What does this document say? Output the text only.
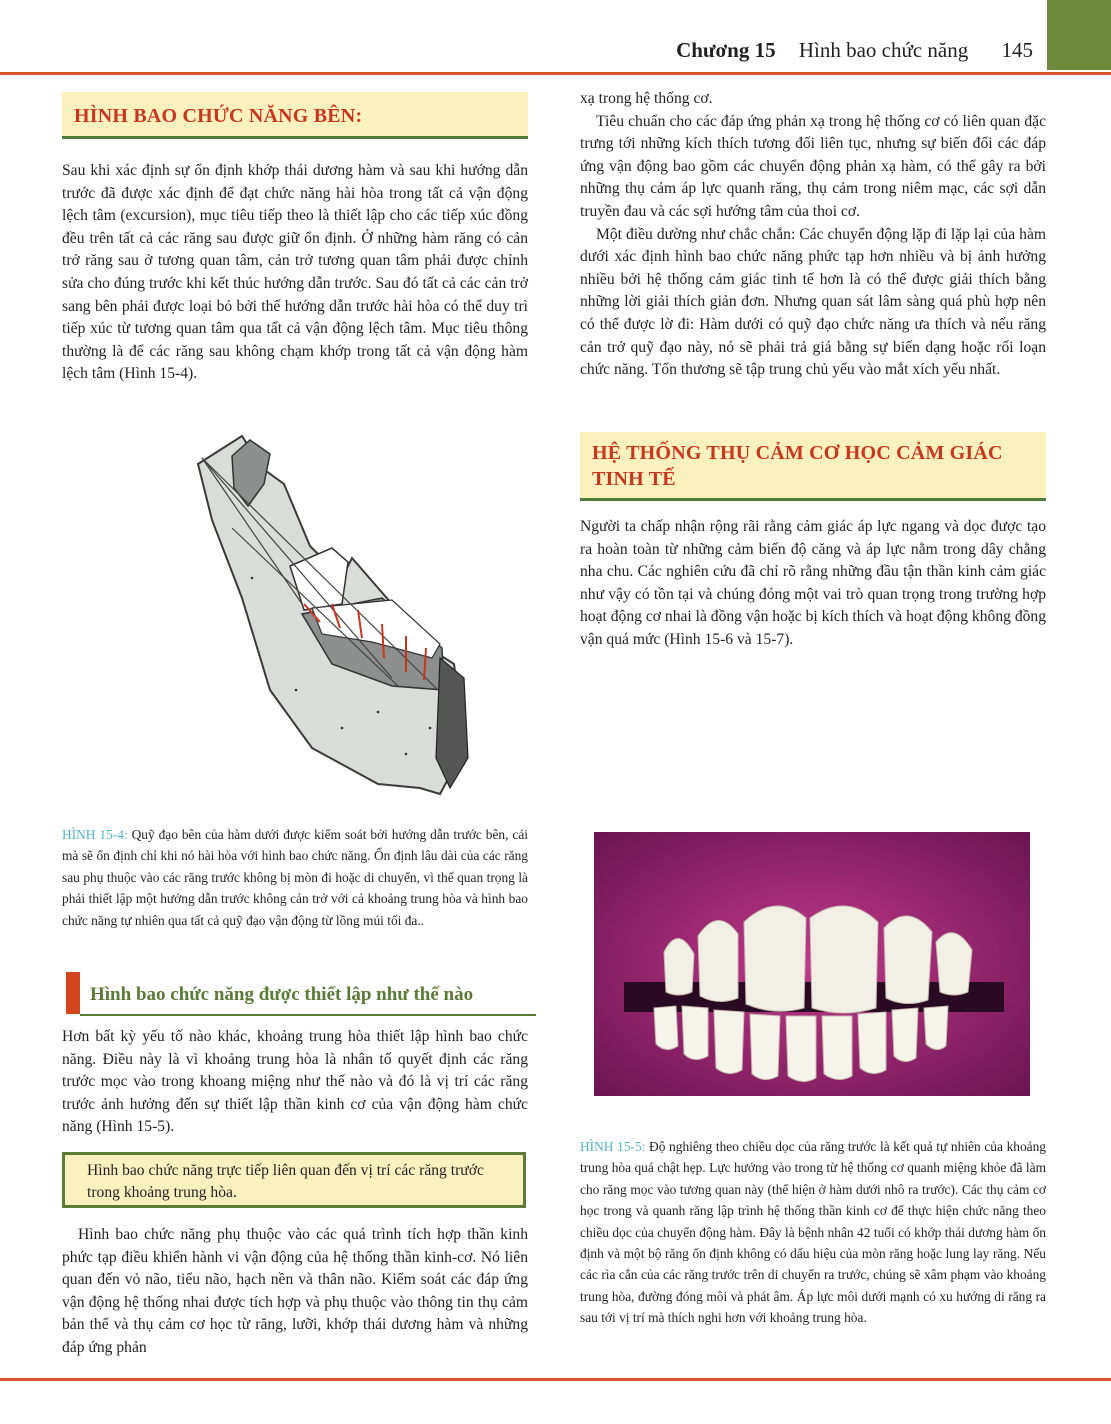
Chương 15 Hình bao chức năng 145
HÌNH BAO CHỨC NĂNG BÊN:

Sau khi xác định sự ổn định khớp thái dương hàm và sau khi hướng dẫn trước đã được xác định để đạt chức năng hài hòa trong tất cả vận động lệch tâm (excursion), mục tiêu tiếp theo là thiết lập cho các tiếp xúc đồng đều trên tất cả các răng sau được giữ ổn định. Ở những hàm răng có cản trở răng sau ở tương quan tâm, cản trở tương quan tâm phải được chỉnh sửa cho đúng trước khi kết thúc hướng dẫn trước. Sau đó tất cả các cản trở sang bên phải được loại bỏ bởi thế hướng dẫn trước hài hòa có thể duy trì tiếp xúc từ tương quan tâm qua tất cả vận động lệch tâm. Mục tiêu thông thường là để các răng sau không chạm khớp trong tất cả vận động hàm lệch tâm (Hình 15-4).

HÌNH 15-4: Quỹ đạo bên của hàm dưới được kiểm soát bởi hướng dẫn trước bên, cái mà sẽ ổn định chỉ khi nó hài hòa với hình bao chức năng. Ổn định lâu dài của các răng sau phụ thuộc vào các răng trước không bị mòn đi hoặc di chuyển, vì thế quan trọng là phải thiết lập một hướng dẫn trước không cản trở với cả khoảng trung hòa và hình bao chức năng tự nhiên qua tất cả quỹ đạo vận động từ lồng múi tối đa..
Hình bao chức năng được thiết lập như thế nào

Hơn bất kỳ yếu tố nào khác, khoảng trung hòa thiết lập hình bao chức năng. Điều này là vì khoảng trung hòa là nhân tố quyết định các răng trước mọc vào trong khoang miệng như thế nào và đó là vị trí các răng trước ảnh hưởng đến sự thiết lập thần kinh cơ của vận động hàm chức năng (Hình 15-5).

Hình bao chức năng trực tiếp liên quan đến vị trí các răng trước trong khoảng trung hòa.

Hình bao chức năng phụ thuộc vào các quá trình tích hợp thần kinh phức tạp điều khiển hành vi vận động của hệ thống thần kinh-cơ. Nó liên quan đến vỏ não, tiểu não, hạch nền và thân não. Kiểm soát các đáp ứng vận động hệ thống nhai được tích hợp và phụ thuộc vào thông tin thụ cảm bản thể và thụ cảm cơ học từ răng, lưỡi, khớp thái dương hàm và những đáp ứng phản

xạ trong hệ thống cơ.

Tiêu chuẩn cho các đáp ứng phản xạ trong hệ thống cơ có liên quan đặc trưng tới những kích thích tương đối liên tục, nhưng sự biến đổi các đáp ứng vận động bao gồm các chuyển động phản xạ hàm, có thể gây ra bởi những thụ cảm áp lực quanh răng, thụ cảm trong niêm mạc, các sợi dẫn truyền đau và các sợi hướng tâm của thoi cơ.

Một điều dường như chắc chắn: Các chuyển động lặp đi lặp lại của hàm dưới xác định hình bao chức năng phức tạp hơn nhiều và bị ảnh hưởng nhiều bởi hệ thống cảm giác tinh tế hơn là có thể được giải thích bằng những lời giải thích giản đơn. Nhưng quan sát lâm sàng quá phù hợp nên có thể được lờ đi: Hàm dưới có quỹ đạo chức năng ưa thích và nếu răng cản trở quỹ đạo này, nó sẽ phải trả giá bằng sự biến dạng hoặc rối loạn chức năng. Tổn thương sẽ tập trung chủ yếu vào mắt xích yếu nhất.

HỆ THỐNG THỤ CẢM CƠ HỌC CẢM GIÁC
TINH TẾ

Người ta chấp nhận rộng rãi rằng cảm giác áp lực ngang và dọc được tạo ra hoàn toàn từ những cảm biến độ căng và áp lực nằm trong dây chằng nha chu. Các nghiên cứu đã chỉ rõ rằng những đầu tận thần kinh cảm giác như vậy có tồn tại và chúng đóng một vai trò quan trọng trong trường hợp hoạt động cơ nhai là đồng vận hoặc bị kích thích và hoạt động không đồng vận quá mức (Hình 15-6 và 15-7).

HÌNH 15-5: Độ nghiêng theo chiều dọc của răng trước là kết quả tự nhiên của khoảng trung hòa quá chật hẹp. Lực hướng vào trong từ hệ thống cơ quanh miệng khỏe đã làm cho răng mọc vào tương quan này (thể hiện ở hàm dưới nhô ra trước). Các thụ cảm cơ học trong và quanh răng lập trình hệ thống thần kinh cơ để thực hiện chức năng theo chiều dọc của chuyển động hàm. Đây là bệnh nhân 42 tuổi có khớp thái dương hàm ổn định và một bộ răng ổn định không có dấu hiệu của mòn răng hoặc lung lay răng. Nếu các rìa cắn của các răng trước trên di chuyển ra trước, chúng sẽ xâm phạm vào khoảng trung hòa, đường đóng môi và phát âm. Áp lực môi dưới mạnh có xu hướng di răng ra sau tới vị trí mà thích nghi hơn với khoảng trung hòa.
